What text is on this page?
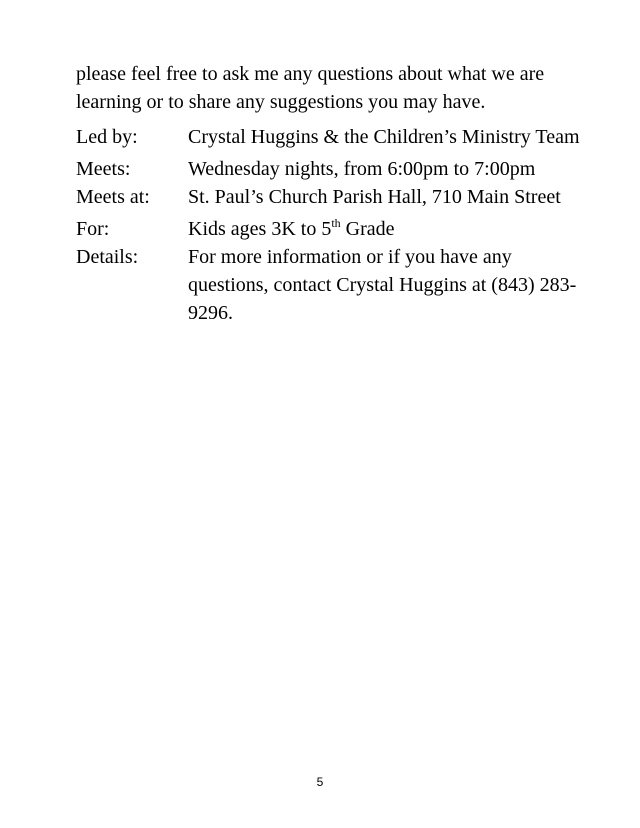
please feel free to ask me any questions about what we are learning or to share any suggestions you may have.

Led by:	Crystal Huggins & the Children’s Ministry Team
Meets:	Wednesday nights, from 6:00pm to 7:00pm
Meets at:	St. Paul’s Church Parish Hall, 710 Main Street
For:	Kids ages 3K to 5th Grade
Details:	For more information or if you have any questions, contact Crystal Huggins at (843) 283-9296.
5
